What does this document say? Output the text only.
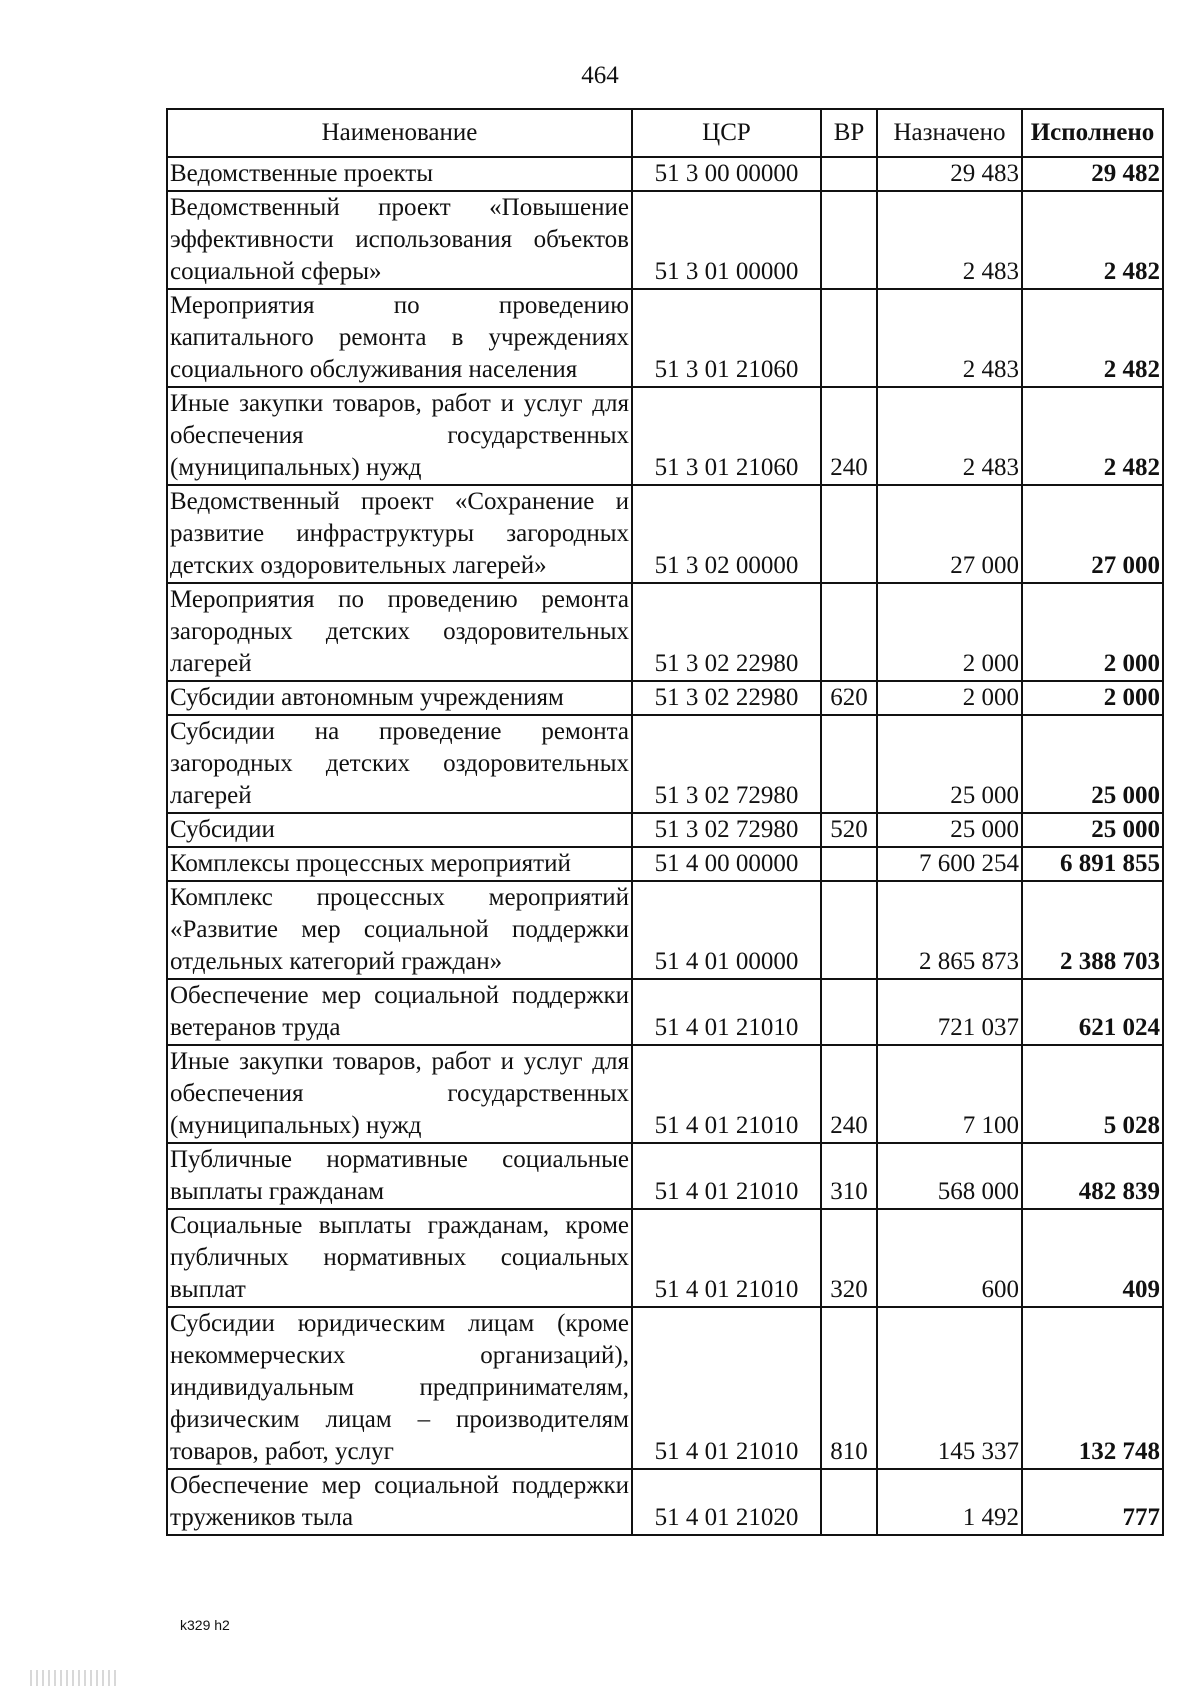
464
Наименование	ЦСР	ВР	Назначено	Исполнено
Ведомственные проекты	51 3 00 00000		29 483	29 482
Ведомственный проект «Повышение эффективности использования объектов социальной сферы»	51 3 01 00000		2 483	2 482
Мероприятия по проведению капитального ремонта в учреждениях социального обслуживания населения	51 3 01 21060		2 483	2 482
Иные закупки товаров, работ и услуг для обеспечения государственных (муниципальных) нужд	51 3 01 21060	240	2 483	2 482
Ведомственный проект «Сохранение и развитие инфраструктуры загородных детских оздоровительных лагерей»	51 3 02 00000		27 000	27 000
Мероприятия по проведению ремонта загородных детских оздоровительных лагерей	51 3 02 22980		2 000	2 000
Субсидии автономным учреждениям	51 3 02 22980	620	2 000	2 000
Субсидии на проведение ремонта загородных детских оздоровительных лагерей	51 3 02 72980		25 000	25 000
Субсидии	51 3 02 72980	520	25 000	25 000
Комплексы процессных мероприятий	51 4 00 00000		7 600 254	6 891 855
Комплекс процессных мероприятий «Развитие мер социальной поддержки отдельных категорий граждан»	51 4 01 00000		2 865 873	2 388 703
Обеспечение мер социальной поддержки ветеранов труда	51 4 01 21010		721 037	621 024
Иные закупки товаров, работ и услуг для обеспечения государственных (муниципальных) нужд	51 4 01 21010	240	7 100	5 028
Публичные нормативные социальные выплаты гражданам	51 4 01 21010	310	568 000	482 839
Социальные выплаты гражданам, кроме публичных нормативных социальных выплат	51 4 01 21010	320	600	409
Субсидии юридическим лицам (кроме некоммерческих организаций), индивидуальным предпринимателям, физическим лицам – производителям товаров, работ, услуг	51 4 01 21010	810	145 337	132 748
Обеспечение мер социальной поддержки тружеников тыла	51 4 01 21020		1 492	777
k329 h2
